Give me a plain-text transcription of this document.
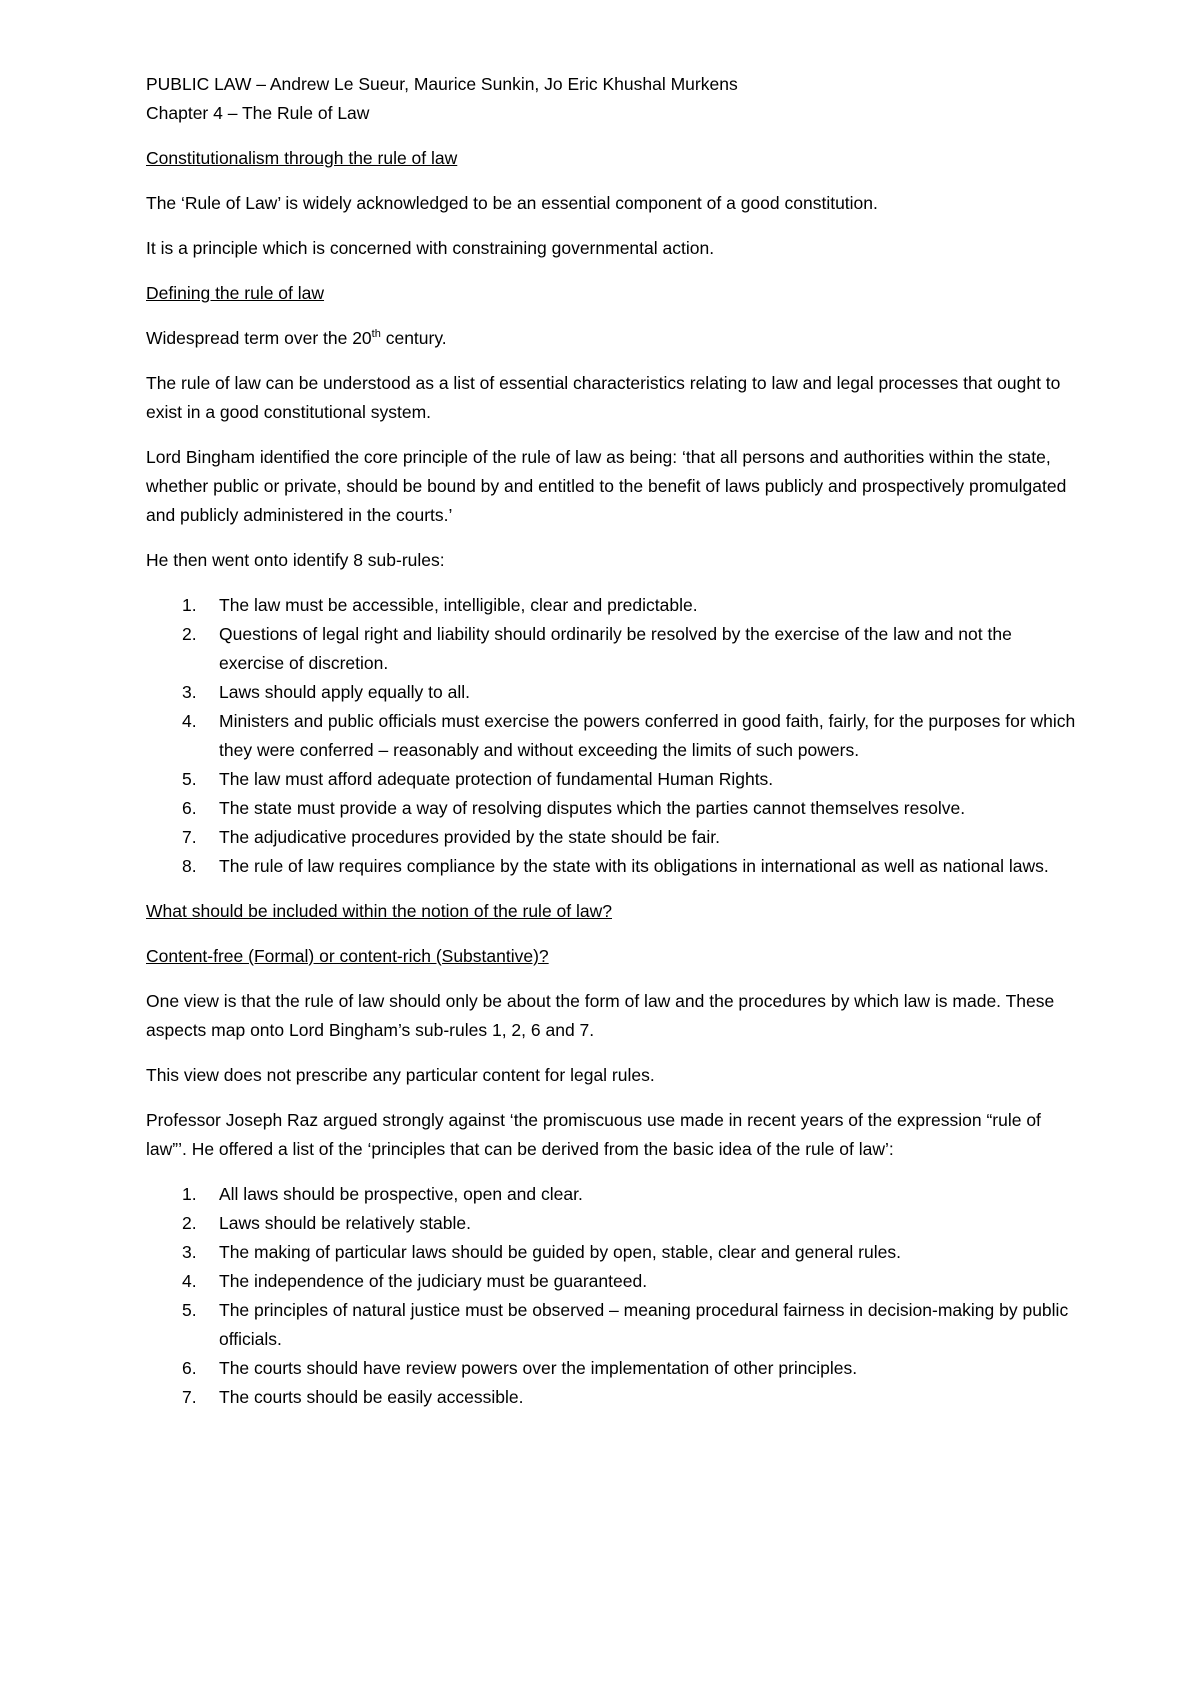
PUBLIC LAW – Andrew Le Sueur, Maurice Sunkin, Jo Eric Khushal Murkens
Chapter 4 – The Rule of Law
Constitutionalism through the rule of law
The ‘Rule of Law’ is widely acknowledged to be an essential component of a good constitution.
It is a principle which is concerned with constraining governmental action.
Defining the rule of law
Widespread term over the 20th century.
The rule of law can be understood as a list of essential characteristics relating to law and legal processes that ought to exist in a good constitutional system.
Lord Bingham identified the core principle of the rule of law as being: ‘that all persons and authorities within the state, whether public or private, should be bound by and entitled to the benefit of laws publicly and prospectively promulgated and publicly administered in the courts.’
He then went onto identify 8 sub-rules:
1. The law must be accessible, intelligible, clear and predictable.
2. Questions of legal right and liability should ordinarily be resolved by the exercise of the law and not the exercise of discretion.
3. Laws should apply equally to all.
4. Ministers and public officials must exercise the powers conferred in good faith, fairly, for the purposes for which they were conferred – reasonably and without exceeding the limits of such powers.
5. The law must afford adequate protection of fundamental Human Rights.
6. The state must provide a way of resolving disputes which the parties cannot themselves resolve.
7. The adjudicative procedures provided by the state should be fair.
8. The rule of law requires compliance by the state with its obligations in international as well as national laws.
What should be included within the notion of the rule of law?
Content-free (Formal) or content-rich (Substantive)?
One view is that the rule of law should only be about the form of law and the procedures by which law is made. These aspects map onto Lord Bingham’s sub-rules 1, 2, 6 and 7.
This view does not prescribe any particular content for legal rules.
Professor Joseph Raz argued strongly against ‘the promiscuous use made in recent years of the expression “rule of law”’. He offered a list of the ‘principles that can be derived from the basic idea of the rule of law’:
1. All laws should be prospective, open and clear.
2. Laws should be relatively stable.
3. The making of particular laws should be guided by open, stable, clear and general rules.
4. The independence of the judiciary must be guaranteed.
5. The principles of natural justice must be observed – meaning procedural fairness in decision-making by public officials.
6. The courts should have review powers over the implementation of other principles.
7. The courts should be easily accessible.
